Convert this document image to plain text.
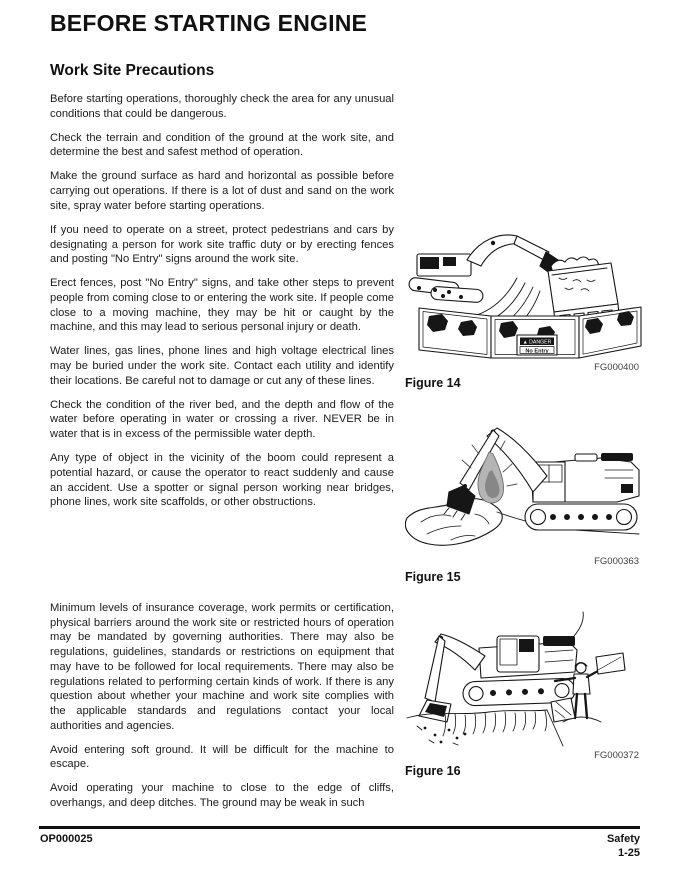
BEFORE STARTING ENGINE
Work Site Precautions

Before starting operations, thoroughly check the area for any unusual conditions that could be dangerous.

Check the terrain and condition of the ground at the work site, and determine the best and safest method of operation.

Make the ground surface as hard and horizontal as possible before carrying out operations. If there is a lot of dust and sand on the work site, spray water before starting operations.

If you need to operate on a street, protect pedestrians and cars by designating a person for work site traffic duty or by erecting fences and posting "No Entry" signs around the work site.

Erect fences, post "No Entry" signs, and take other steps to prevent people from coming close to or entering the work site. If people come close to a moving machine, they may be hit or caught by the machine, and this may lead to serious personal injury or death.

Water lines, gas lines, phone lines and high voltage electrical lines may be buried under the work site. Contact each utility and identify their locations. Be careful not to damage or cut any of these lines.

Check the condition of the river bed, and the depth and flow of the water before operating in water or crossing a river. NEVER be in water that is in excess of the permissible water depth.

Any type of object in the vicinity of the boom could represent a potential hazard, or cause the operator to react suddenly and cause an accident. Use a spotter or signal person working near bridges, phone lines, work site scaffolds, or other obstructions.

Minimum levels of insurance coverage, work permits or certification, physical barriers around the work site or restricted hours of operation may be mandated by governing authorities. There may also be regulations, guidelines, standards or restrictions on equipment that may have to be followed for local requirements. There may also be regulations related to performing certain kinds of work. If there is any question about whether your machine and work site complies with the applicable standards and regulations contact your local authorities and agencies.

Avoid entering soft ground. It will be difficult for the machine to escape.

Avoid operating your machine to close to the edge of cliffs, overhangs, and deep ditches. The ground may be weak in such

▲ DANGER
No Entry
FG000400
Figure 14
FG000363
Figure 15
FG000372
Figure 16
OP000025	Safety
1-25
